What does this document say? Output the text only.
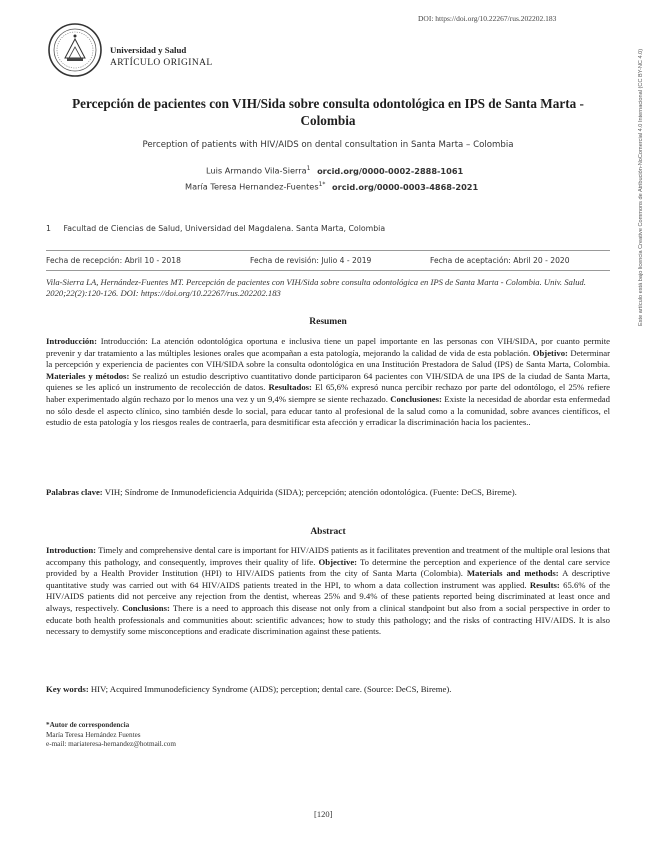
DOI: https://doi.org/10.22267/rus.202202.183
Este artículo está bajo licencia Creative Commons de Atribución-NoComercial 4.0 Internacional (CC BY-NC 4.0)
Universidad y Salud
ARTÍCULO ORIGINAL
Percepción de pacientes con VIH/Sida sobre consulta odontológica en IPS de Santa Marta - Colombia
Perception of patients with HIV/AIDS on dental consultation in Santa Marta – Colombia
Luis Armando Vila-Sierra$^1$ orcid.org/0000-0002-2888-1061
María Teresa Hernandez-Fuentes$^{1*}$ orcid.org/0000-0003-4868-2021
1 Facultad de Ciencias de Salud, Universidad del Magdalena. Santa Marta, Colombia
Fecha de recepción: Abril 10 - 2018	Fecha de revisión: Julio 4 - 2019	Fecha de aceptación: Abril 20 - 2020
Vila-Sierra LA, Hernández-Fuentes MT. Percepción de pacientes con VIH/Sida sobre consulta odontológica en IPS de Santa Marta - Colombia. Univ. Salud. 2020;22(2):120-126. DOI: https://doi.org/10.22267/rus.202202.183
Resumen
Introducción: Introducción: La atención odontológica oportuna e inclusiva tiene un papel importante en las personas con VIH/SIDA, por cuanto permite prevenir y dar tratamiento a las múltiples lesiones orales que acompañan a esta patología, mejorando la calidad de vida de esta población. Objetivo: Determinar la percepción y experiencia de pacientes con VIH/SIDA sobre la consulta odontológica en una Institución Prestadora de Salud (IPS) de Santa Marta, Colombia. Materiales y métodos: Se realizó un estudio descriptivo cuantitativo donde participaron 64 pacientes con VIH/SIDA de una IPS de la ciudad de Santa Marta, quienes se les aplicó un instrumento de recolección de datos. Resultados: El 65,6% expresó nunca percibir rechazo por parte del odontólogo, el 25% refiere haber experimentado algún rechazo por lo menos una vez y un 9,4% siempre se siente rechazado. Conclusiones: Existe la necesidad de abordar esta enfermedad no sólo desde el aspecto clínico, sino también desde lo social, para educar tanto al profesional de la salud como a la comunidad, sobre avances científicos, el estudio de esta patología y los riesgos reales de contraerla, para desmitificar esta afección y erradicar la discriminación hacia los pacientes..
Palabras clave: VIH; Síndrome de Inmunodeficiencia Adquirida (SIDA); percepción; atención odontológica. (Fuente: DeCS, Bireme).
Abstract
Introduction: Timely and comprehensive dental care is important for HIV/AIDS patients as it facilitates prevention and treatment of the multiple oral lesions that accompany this pathology, and consequently, improves their quality of life. Objective: To determine the perception and experience of the dental care service provided by a Health Provider Institution (HPI) to HIV/AIDS patients from the city of Santa Marta (Colombia). Materials and methods: A descriptive quantitative study was carried out with 64 HIV/AIDS patients treated in the HPI, to whom a data collection instrument was applied. Results: 65.6% of the HIV/AIDS patients did not perceive any rejection from the dentist, whereas 25% and 9.4% of these patients reported being discriminated at least once and always, respectively. Conclusions: There is a need to approach this disease not only from a clinical standpoint but also from a social perspective in order to educate both health professionals and communities about: scientific advances; how to study this pathology; and the risks of contracting HIV/AIDS. It is also necessary to demystify some misconceptions and eradicate discrimination against these patients.
Key words: HIV; Acquired Immunodeficiency Syndrome (AIDS); perception; dental care. (Source: DeCS, Bireme).
*Autor de correspondencia
María Teresa Hernández Fuentes
e-mail: mariateresa-hernandez@hotmail.com
[120]
